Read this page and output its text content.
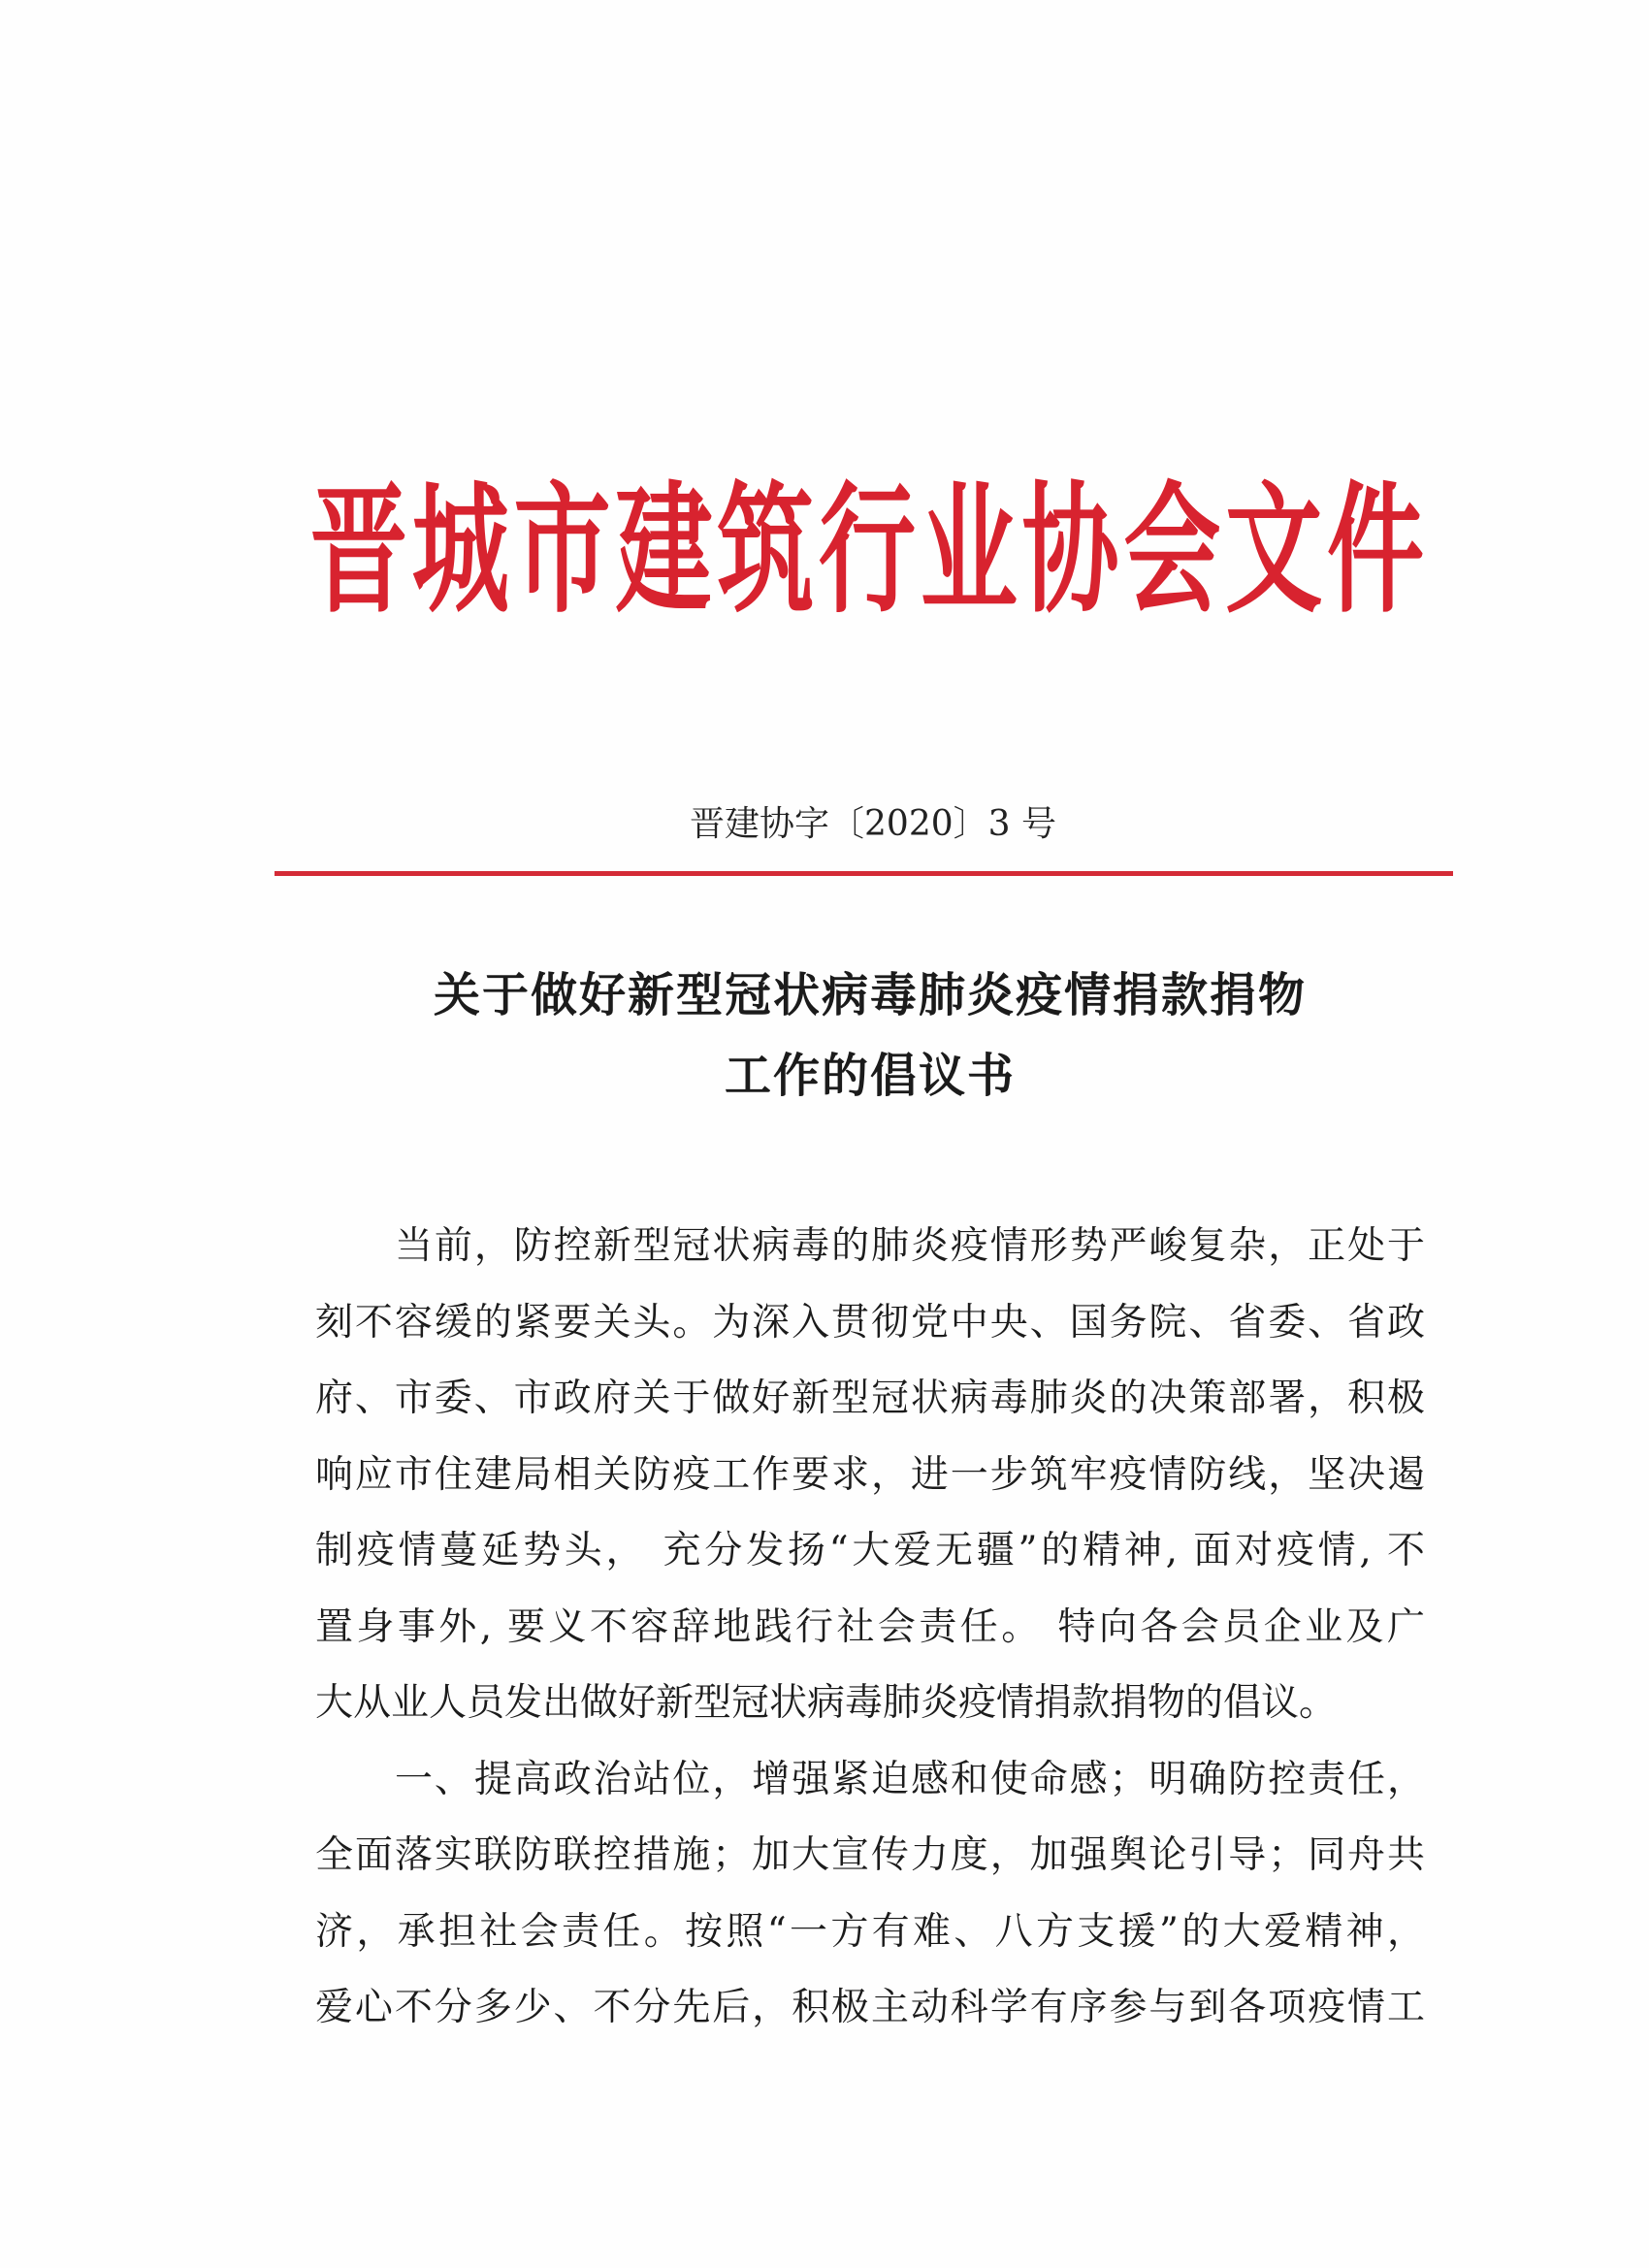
晋城市建筑行业协会文件
晋建协字〔2020〕3 号
关于做好新型冠状病毒肺炎疫情捐款捐物
工作的倡议书
当前，防控新型冠状病毒的肺炎疫情形势严峻复杂，正处于
刻不容缓的紧要关头。为深入贯彻党中央、国务院、省委、省政
府、市委、市政府关于做好新型冠状病毒肺炎的决策部署，积极
响应市住建局相关防疫工作要求，进一步筑牢疫情防线，坚决遏
制疫情蔓延势头， 充分发扬“大爱无疆”的精神, 面对疫情, 不
置身事外, 要义不容辞地践行社会责任。 特向各会员企业及广
大从业人员发出做好新型冠状病毒肺炎疫情捐款捐物的倡议。
一、提高政治站位，增强紧迫感和使命感；明确防控责任，
全面落实联防联控措施；加大宣传力度，加强舆论引导；同舟共
济，承担社会责任。按照“一方有难、八方支援”的大爱精神，
爱心不分多少、不分先后，积极主动科学有序参与到各项疫情工
